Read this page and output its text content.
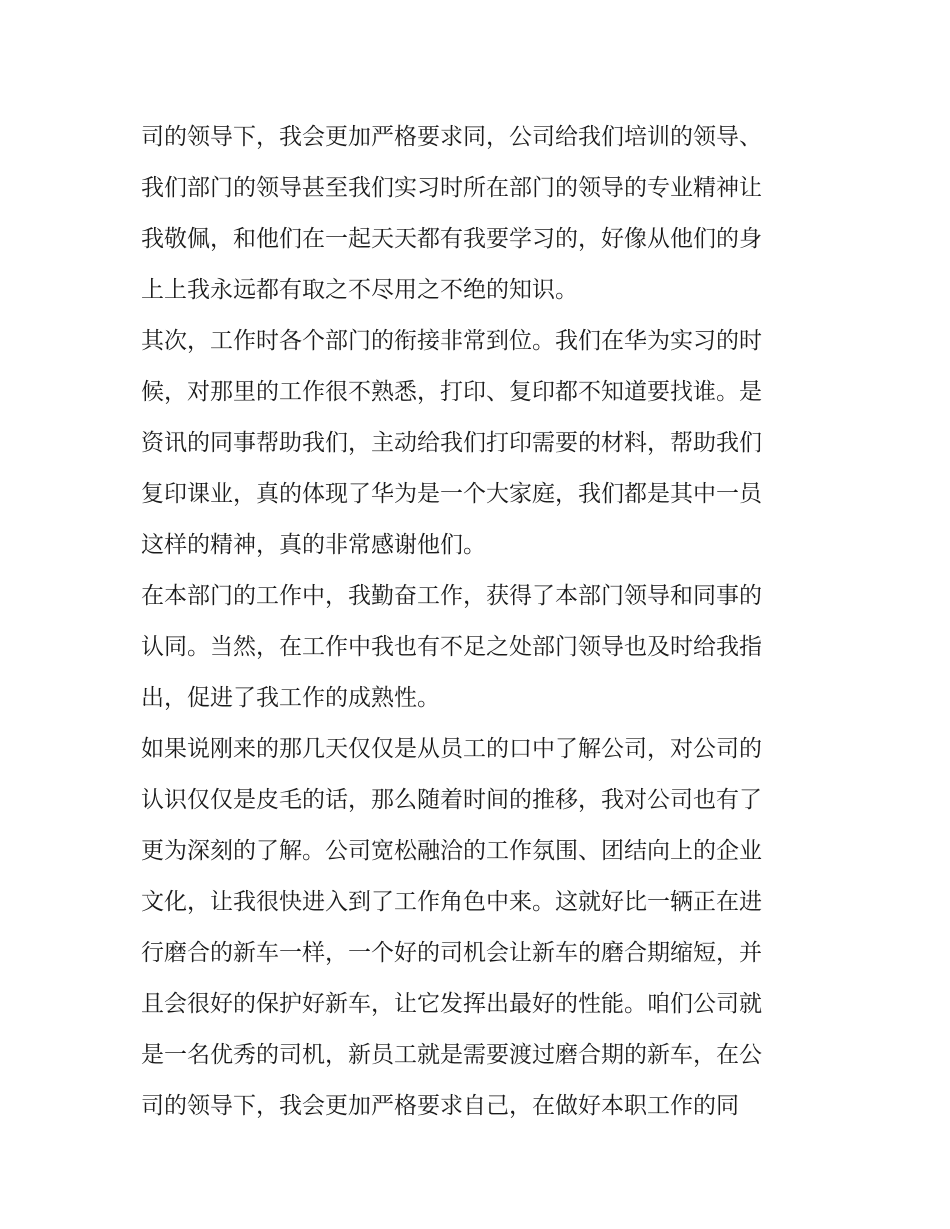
司的领导下，我会更加严格要求同，公司给我们培训的领导、
我们部门的领导甚至我们实习时所在部门的领导的专业精神让
我敬佩，和他们在一起天天都有我要学习的，好像从他们的身
上上我永远都有取之不尽用之不绝的知识。
其次，工作时各个部门的衔接非常到位。我们在华为实习的时
候，对那里的工作很不熟悉，打印、复印都不知道要找谁。是
资讯的同事帮助我们，主动给我们打印需要的材料，帮助我们
复印课业，真的体现了华为是一个大家庭，我们都是其中一员
这样的精神，真的非常感谢他们。
在本部门的工作中，我勤奋工作，获得了本部门领导和同事的
认同。当然，在工作中我也有不足之处部门领导也及时给我指
出，促进了我工作的成熟性。
如果说刚来的那几天仅仅是从员工的口中了解公司，对公司的
认识仅仅是皮毛的话，那么随着时间的推移，我对公司也有了
更为深刻的了解。公司宽松融洽的工作氛围、团结向上的企业
文化，让我很快进入到了工作角色中来。这就好比一辆正在进
行磨合的新车一样，一个好的司机会让新车的磨合期缩短，并
且会很好的保护好新车，让它发挥出最好的性能。咱们公司就
是一名优秀的司机，新员工就是需要渡过磨合期的新车，在公
司的领导下，我会更加严格要求自己，在做好本职工作的同
